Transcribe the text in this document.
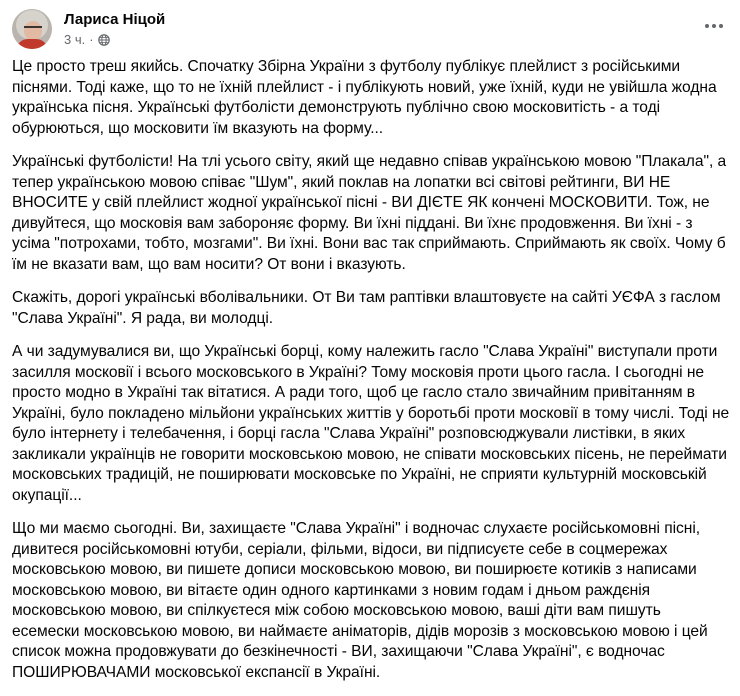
Лариса Ніцой
3 ч. ·

Це просто треш якийсь. Спочатку Збірна України з футболу публікує плейлист з російськими піснями. Тоді каже, що то не їхній плейлист - і публікують новий, уже їхній, куди не увійшла жодна українська пісня. Українські футболісти демонструють публічно свою московитість - а тоді обурюються, що московити їм вказують на форму...

Українські футболісти! На тлі усього світу, який ще недавно співав українською мовою "Плакала", а тепер українською мовою співає "Шум", який поклав на лопатки всі світові рейтинги, ВИ НЕ ВНОСИТЕ у свій плейлист жодної української пісні - ВИ ДІЄТЕ ЯК кончені МОСКОВИТИ. Тож, не дивуйтеся, що московія вам забороняє форму. Ви їхні піддані. Ви їхнє продовження. Ви їхні - з усіма "потрохами, тобто, мозгами". Ви їхні. Вони вас так сприймають. Сприймають як своїх. Чому б їм не вказати вам, що вам носити? От вони і вказують.

Скажіть, дорогі українські вболівальники. От Ви там раптівки влаштовуєте на сайті УЄФА з гаслом "Слава Україні". Я рада, ви молодці.

А чи задумувалися ви, що Українські борці, кому належить гасло "Слава Україні" виступали проти засилля московії і всього московського в Україні? Тому московія проти цього гасла. І сьогодні не просто модно в Україні так вітатися. А ради того, щоб це гасло стало звичайним привітанням в Україні, було покладено мільйони українських життів у боротьбі проти московії в тому числі. Тоді не було інтернету і телебачення, і борці гасла "Слава Україні" розповсюджували листівки, в яких закликали українців не говорити московською мовою, не співати московських пісень, не переймати московських традицій, не поширювати московське по Україні, не сприяти культурній московській окупації...

Що ми маємо сьогодні. Ви, захищаєте "Слава Україні" і водночас слухаєте російськомовні пісні, дивитеся російськомовні ютуби, серіали, фільми, відоси, ви підписуєте себе в соцмережах московською мовою, ви пишете дописи московською мовою, ви поширюєте котиків з написами московською мовою, ви вітаєте один одного картинками з новим годам і дньом раждєнія московською мовою, ви спілкуєтеся між собою московською мовою, ваші діти вам пишуть есемески московською мовою, ви наймаєте аніматорів, дідів морозів з московською мовою і цей список можна продовжувати до безкінечності - ВИ, захищаючи "Слава Україні", є водночас ПОШИРЮВАЧАМИ московської експансії в Україні.
